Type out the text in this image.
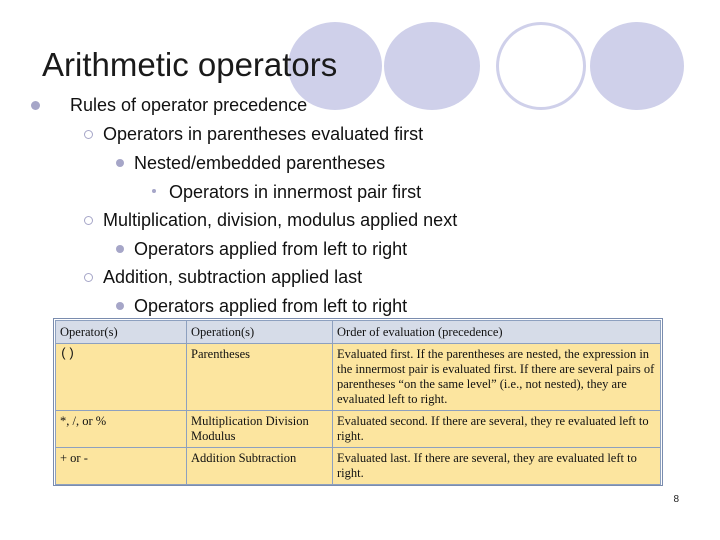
Arithmetic operators
Rules of operator precedence
Operators in parentheses evaluated first
Nested/embedded parentheses
Operators in innermost pair first
Multiplication, division, modulus applied next
Operators applied from left to right
Addition, subtraction applied last
Operators applied from left to right
Operator(s)	Operation(s)	Order of evaluation (precedence)
()	Parentheses	Evaluated first. If the parentheses are nested, the expression in the innermost pair is evaluated first. If there are several pairs of parentheses “on the same level” (i.e., not nested), they are evaluated left to right.
*, /, or %	Multiplication Division Modulus	Evaluated second. If there are several, they re evaluated left to right.
+ or -	Addition Subtraction	Evaluated last. If there are several, they are evaluated left to right.
8
